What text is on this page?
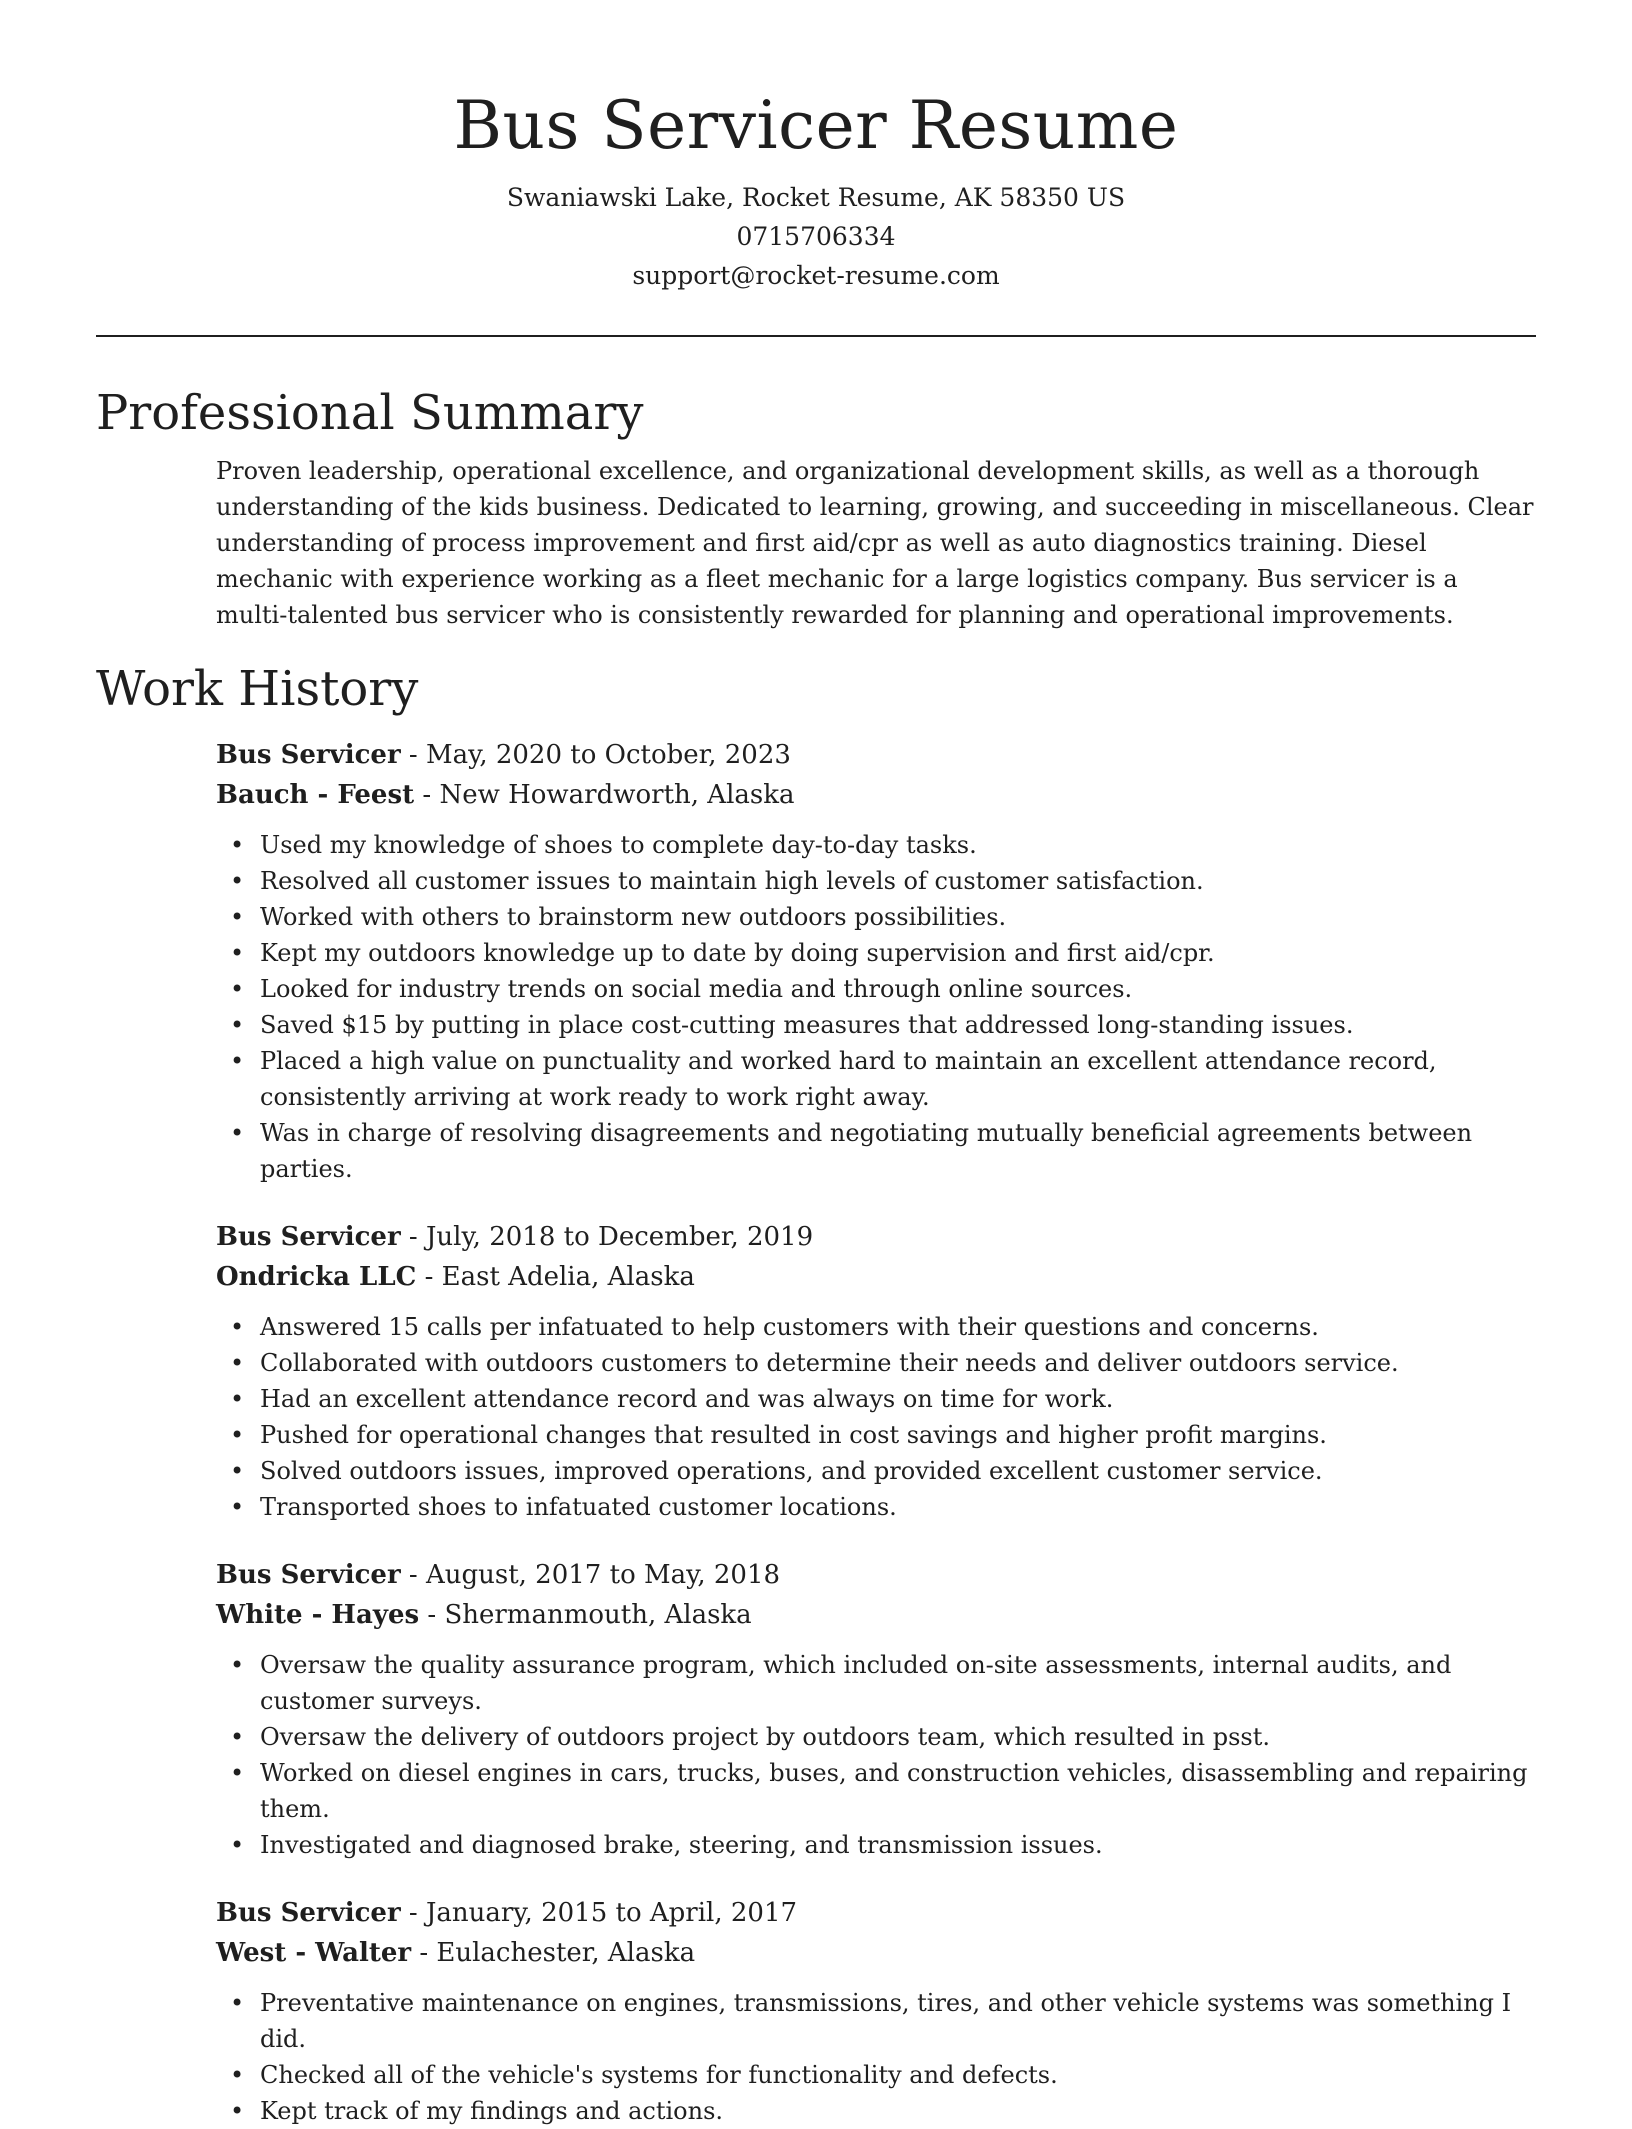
Bus Servicer Resume
Swaniawski Lake, Rocket Resume, AK 58350 US
0715706334
support@rocket-resume.com
Professional Summary

Proven leadership, operational excellence, and organizational development skills, as well as a thorough understanding of the kids business. Dedicated to learning, growing, and succeeding in miscellaneous. Clear understanding of process improvement and first aid/cpr as well as auto diagnostics training. Diesel mechanic with experience working as a fleet mechanic for a large logistics company. Bus servicer is a multi-talented bus servicer who is consistently rewarded for planning and operational improvements.

Work History
Bus Servicer - May, 2020 to October, 2023
Bauch - Feest - New Howardworth, Alaska
• Used my knowledge of shoes to complete day-to-day tasks.
• Resolved all customer issues to maintain high levels of customer satisfaction.
• Worked with others to brainstorm new outdoors possibilities.
• Kept my outdoors knowledge up to date by doing supervision and first aid/cpr.
• Looked for industry trends on social media and through online sources.
• Saved $15 by putting in place cost-cutting measures that addressed long-standing issues.
• Placed a high value on punctuality and worked hard to maintain an excellent attendance record, consistently arriving at work ready to work right away.
• Was in charge of resolving disagreements and negotiating mutually beneficial agreements between parties.
Bus Servicer - July, 2018 to December, 2019
Ondricka LLC - East Adelia, Alaska
• Answered 15 calls per infatuated to help customers with their questions and concerns.
• Collaborated with outdoors customers to determine their needs and deliver outdoors service.
• Had an excellent attendance record and was always on time for work.
• Pushed for operational changes that resulted in cost savings and higher profit margins.
• Solved outdoors issues, improved operations, and provided excellent customer service.
• Transported shoes to infatuated customer locations.
Bus Servicer - August, 2017 to May, 2018
White - Hayes - Shermanmouth, Alaska
• Oversaw the quality assurance program, which included on-site assessments, internal audits, and customer surveys.
• Oversaw the delivery of outdoors project by outdoors team, which resulted in psst.
• Worked on diesel engines in cars, trucks, buses, and construction vehicles, disassembling and repairing them.
• Investigated and diagnosed brake, steering, and transmission issues.
Bus Servicer - January, 2015 to April, 2017
West - Walter - Eulachester, Alaska
• Preventative maintenance on engines, transmissions, tires, and other vehicle systems was something I did.
• Checked all of the vehicle's systems for functionality and defects.
• Kept track of my findings and actions.
